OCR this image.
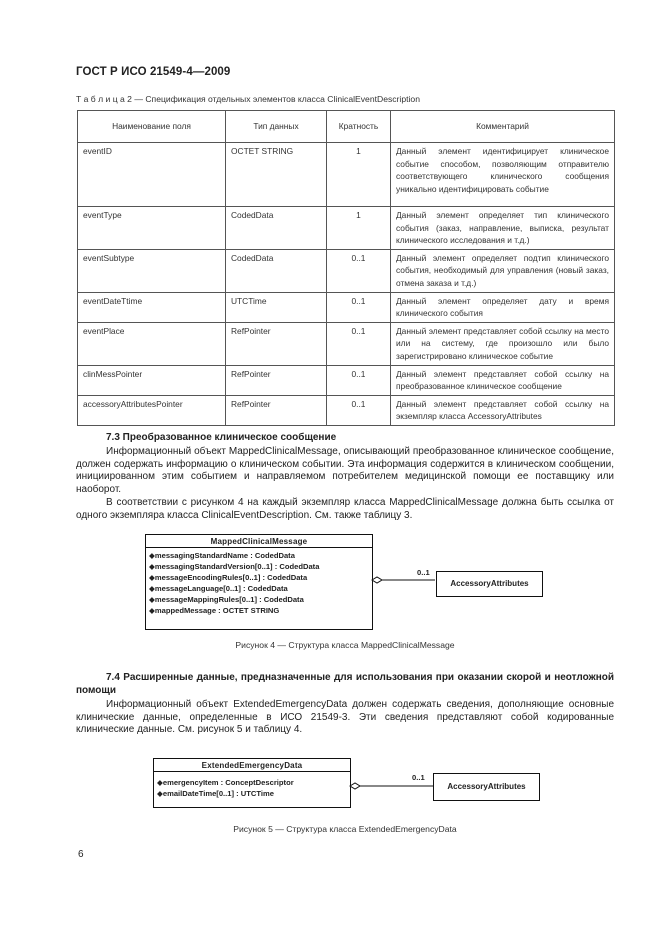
ГОСТ Р ИСО 21549-4—2009
Т а б л и ц а 2 — Спецификация отдельных элементов класса ClinicalEventDescription
Наименование поля	Тип данных	Кратность	Комментарий
eventID	OCTET STRING	1	Данный элемент идентифицирует клиническое событие способом, позволяющим отправителю соответствующего клинического сообщения уникально идентифицировать событие
eventType	CodedData	1	Данный элемент определяет тип клинического события (заказ, направление, выписка, результат клинического исследования и т.д.)
eventSubtype	CodedData	0..1	Данный элемент определяет подтип клинического события, необходимый для управления (новый заказ, отмена заказа и т.д.)
eventDateTtime	UTCTime	0..1	Данный элемент определяет дату и время клинического события
eventPlace	RefPointer	0..1	Данный элемент представляет собой ссылку на место или на систему, где произошло или было зарегистрировано клиническое событие
clinMessPointer	RefPointer	0..1	Данный элемент представляет собой ссылку на преобразованное клиническое сообщение
accessoryAttributesPointer	RefPointer	0..1	Данный элемент представляет собой ссылку на экземпляр класса AccessoryAttributes
7.3 Преобразованное клиническое сообщение
Информационный объект MappedClinicalMessage, описывающий преобразованное клиническое сообщение, должен содержать информацию о клиническом событии. Эта информация содержится в клиническом сообщении, инициированном этим событием и направляемом потребителем медицинской помощи ее поставщику или наоборот.
В соответствии с рисунком 4 на каждый экземпляр класса MappedClinicalMessage должна быть ссылка от одного экземпляра класса ClinicalEventDescription. См. также таблицу 3.
MappedClinicalMessage
◆messagingStandardName : CodedData
◆messagingStandardVersion[0..1] : CodedData
◆messageEncodingRules[0..1] : CodedData
◆messageLanguage[0..1] : CodedData
◆messageMappingRules[0..1] : CodedData
◆mappedMessage : OCTET STRING
0..1
AccessoryAttributes
Рисунок 4 — Структура класса MappedClinicalMessage
7.4 Расширенные данные, предназначенные для использования при оказании скорой и неотложной помощи
Информационный объект ExtendedEmergencyData должен содержать сведения, дополняющие основные клинические данные, определенные в ИСО 21549-3. Эти сведения представляют собой кодированные клинические данные. См. рисунок 5 и таблицу 4.
ExtendedEmergencyData
◆emergencyItem : ConceptDescriptor
◆emailDateTime[0..1] : UTCTime
0..1
AccessoryAttributes
Рисунок 5 — Структура класса ExtendedEmergencyData
6
